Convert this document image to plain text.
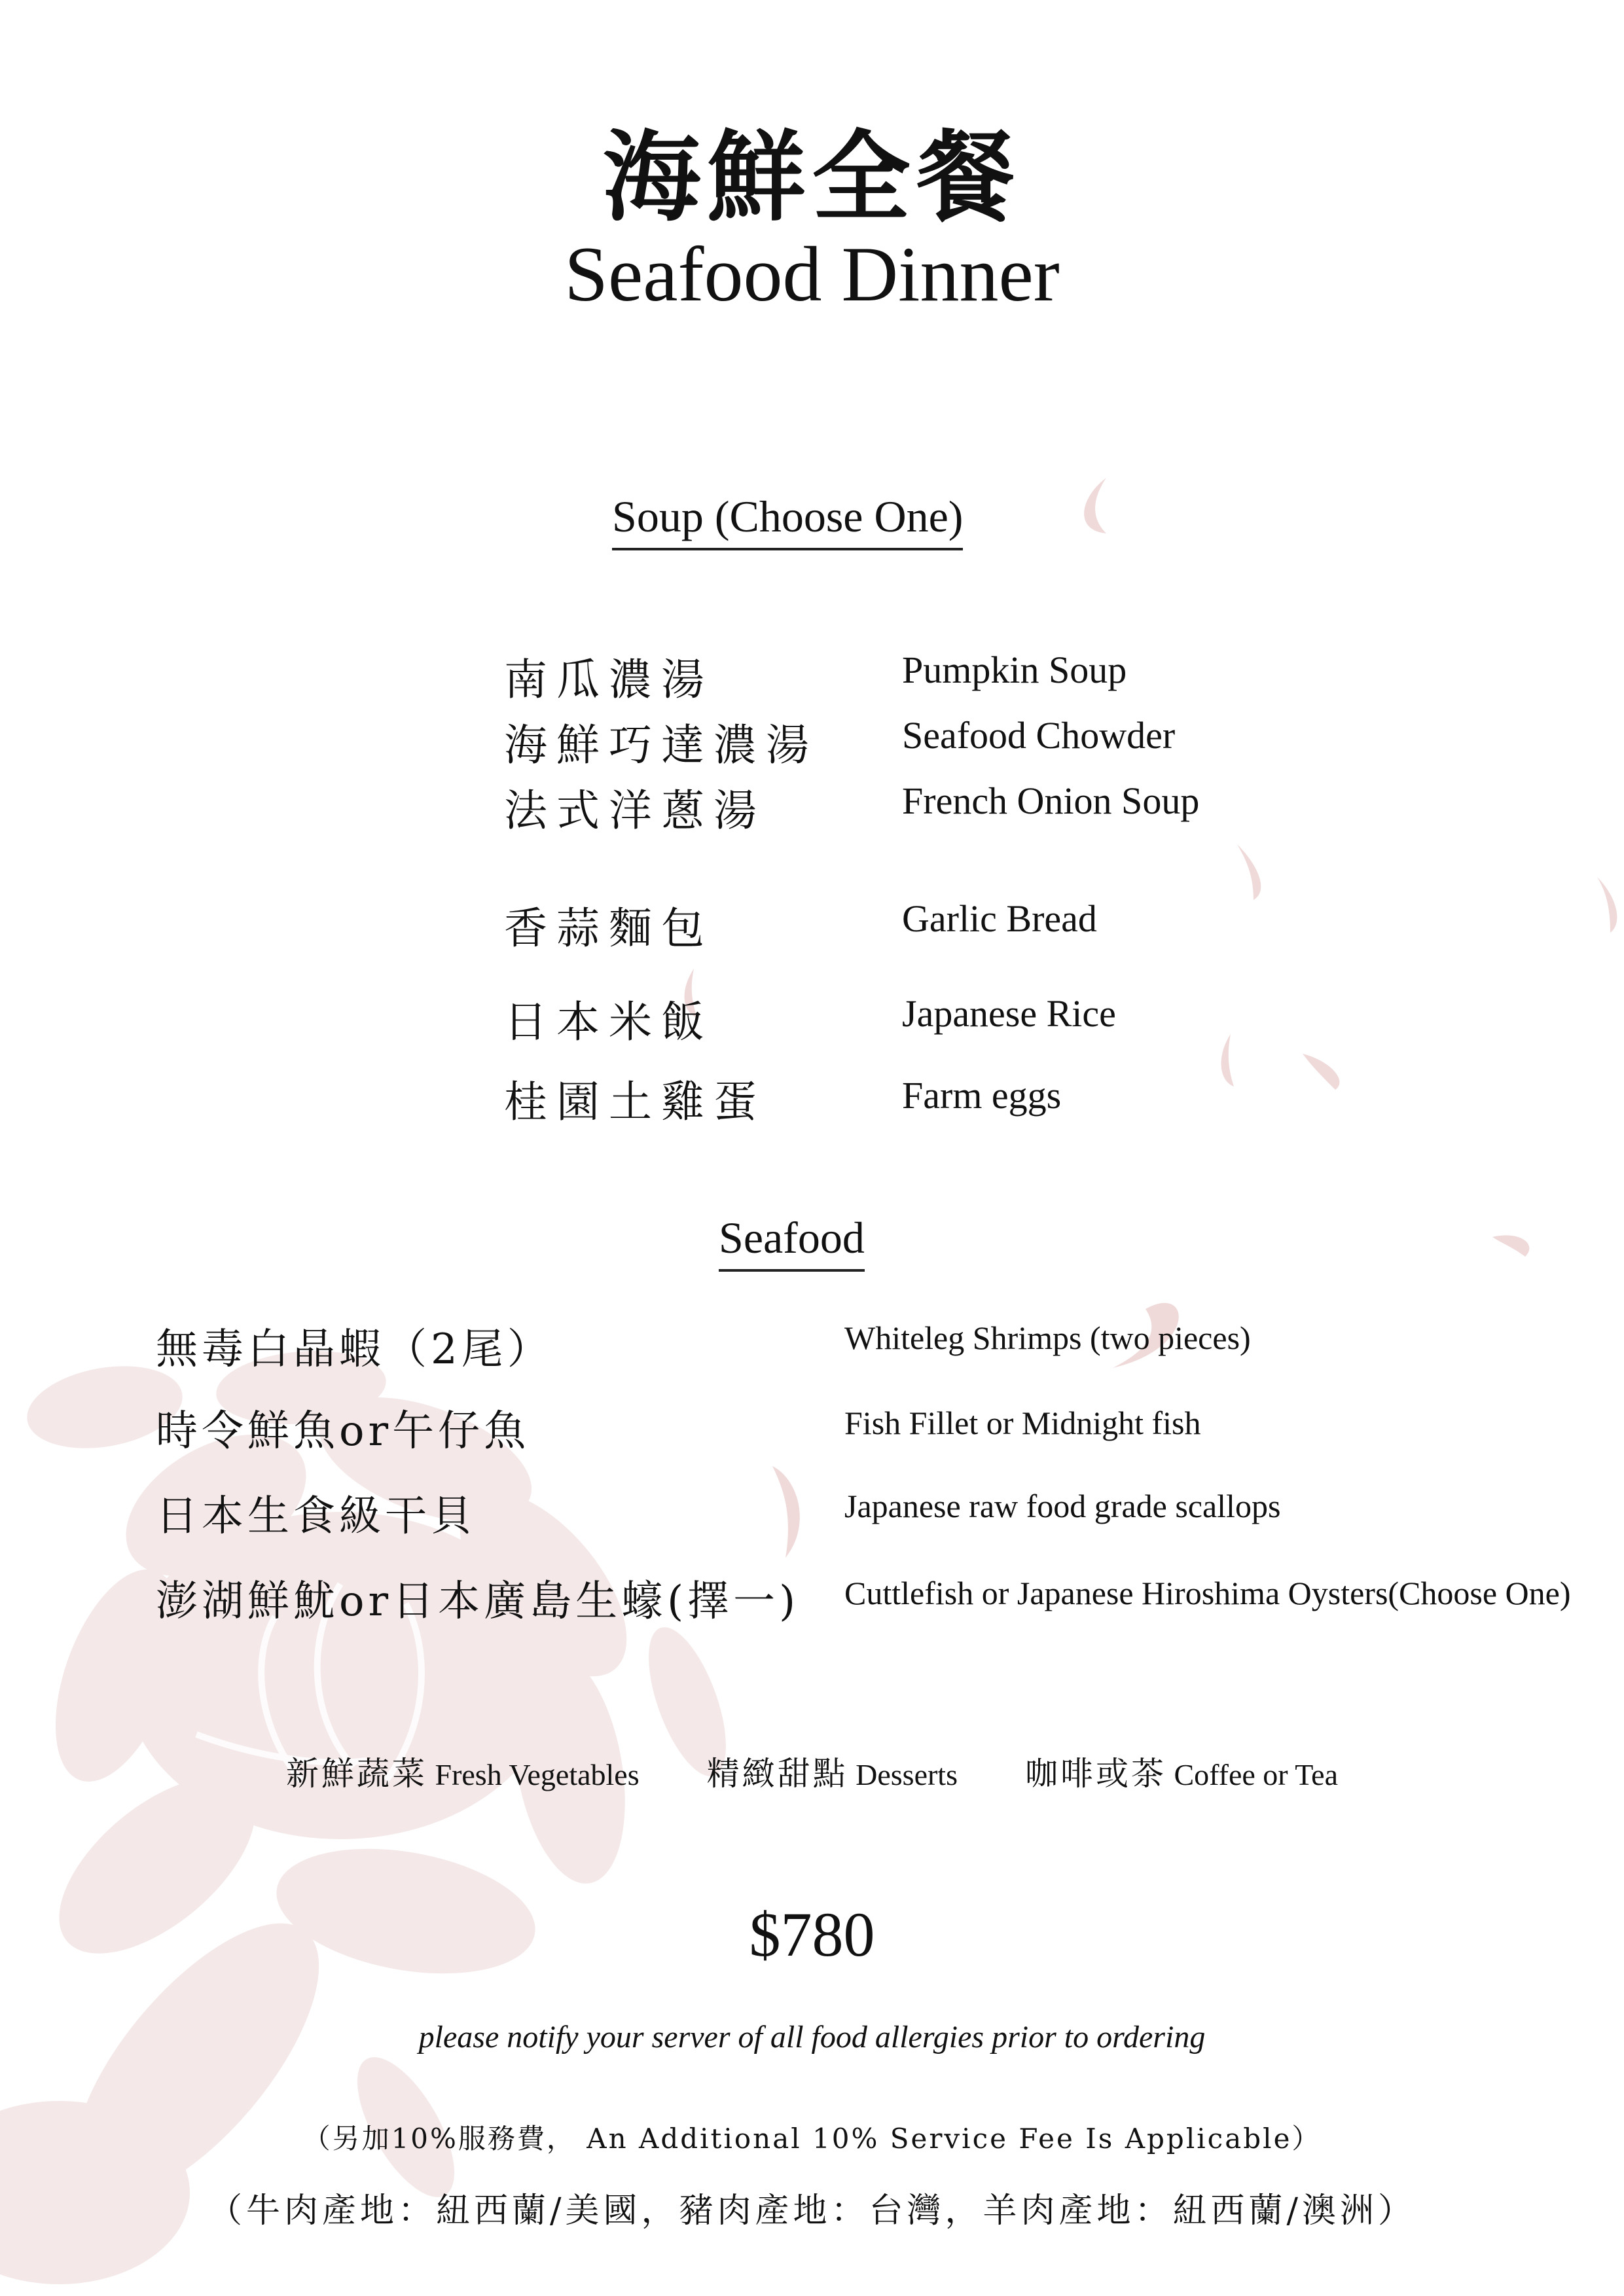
海鮮全餐
Seafood Dinner
Soup (Choose One)
南瓜濃湯	Pumpkin Soup
海鮮巧達濃湯 Seafood Chowder
法式洋蔥湯	French Onion Soup
香蒜麵包	Garlic Bread
日本米飯	Japanese Rice
桂園土雞蛋	Farm eggs
Seafood
無毒白晶蝦（2尾）	Whiteleg Shrimps (two pieces)
時令鮮魚or午仔魚	Fish Fillet or Midnight fish
日本生食級干貝	Japanese raw food grade scallops
澎湖鮮魷or日本廣島生蠔(擇一) Cuttlefish or Japanese Hiroshima Oysters(Choose One)
新鮮蔬菜 Fresh Vegetables 精緻甜點 Desserts 咖啡或茶 Coffee or Tea
$780
please notify your server of all food allergies prior to ordering
（另加10%服務費， An Additional 10% Service Fee Is Applicable）
（牛肉產地：紐西蘭/美國，豬肉產地：台灣，羊肉產地：紐西蘭/澳洲）
